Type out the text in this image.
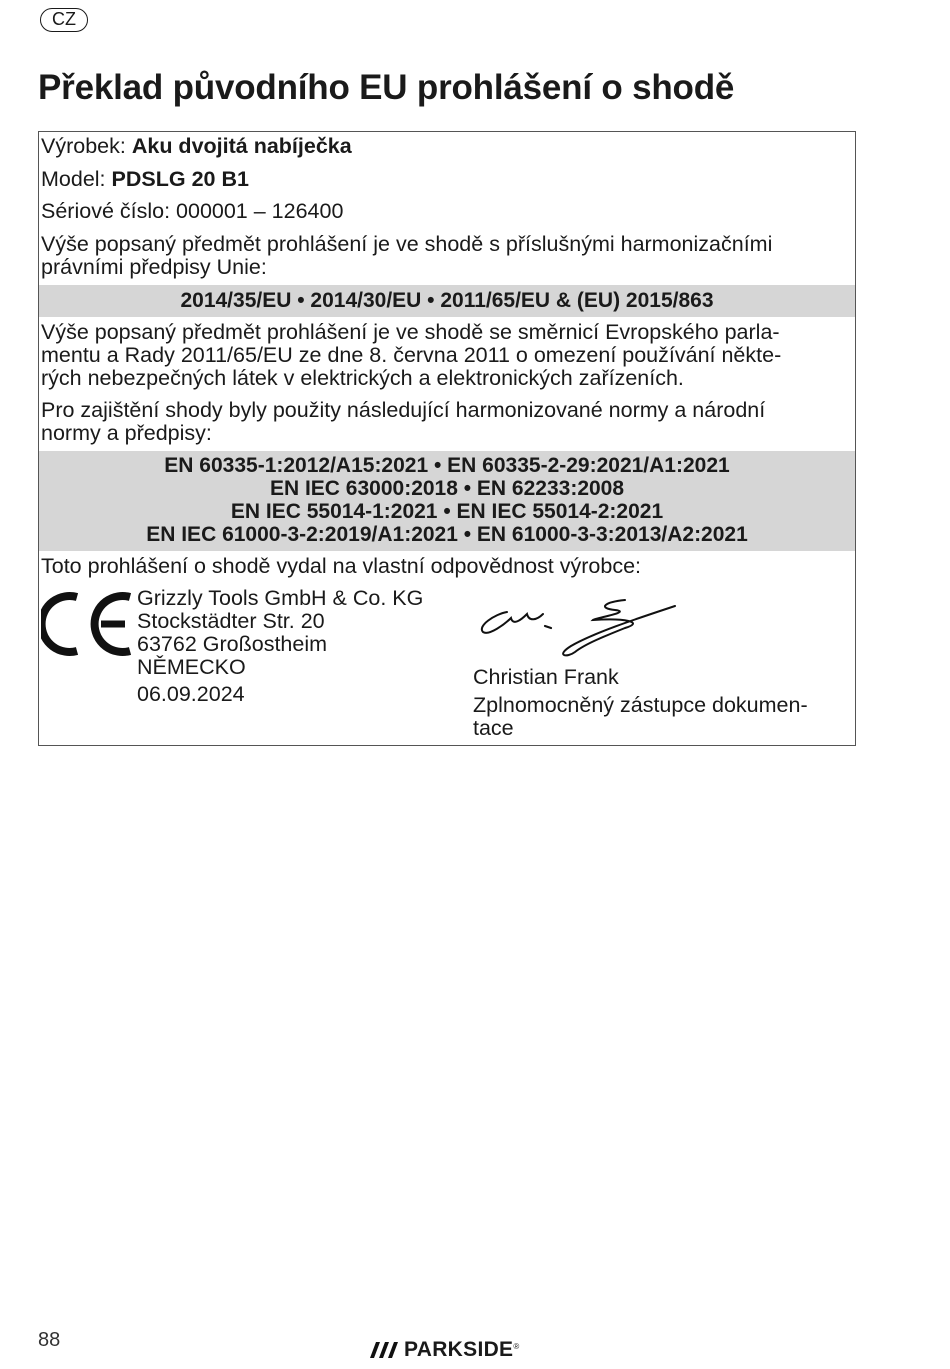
CZ
Překlad původního EU prohlášení o shodě
Výrobek: Aku dvojitá nabíječka
Model: PDSLG 20 B1
Sériové číslo: 000001 – 126400
Výše popsaný předmět prohlášení je ve shodě s příslušnými harmonizačními
právními předpisy Unie:
2014/35/EU • 2014/30/EU • 2011/65/EU & (EU) 2015/863
Výše popsaný předmět prohlášení je ve shodě se směrnicí Evropského parla-
mentu a Rady 2011/65/EU ze dne 8. června 2011 o omezení používání někte-
rých nebezpečných látek v elektrických a elektronických zařízeních.
Pro zajištění shody byly použity následující harmonizované normy a národní
normy a předpisy:
EN 60335-1:2012/A15:2021 • EN 60335-2-29:2021/A1:2021
EN IEC 63000:2018 • EN 62233:2008
EN IEC 55014-1:2021 • EN IEC 55014-2:2021
EN IEC 61000-3-2:2019/A1:2021 • EN 61000-3-3:2013/A2:2021
Toto prohlášení o shodě vydal na vlastní odpovědnost výrobce:
Grizzly Tools GmbH & Co. KG
Stockstädter Str. 20
63762 Großostheim
NĚMECKO
06.09.2024
Christian Frank
Zplnomocněný zástupce dokumen-
tace
88	PARKSIDE ®
